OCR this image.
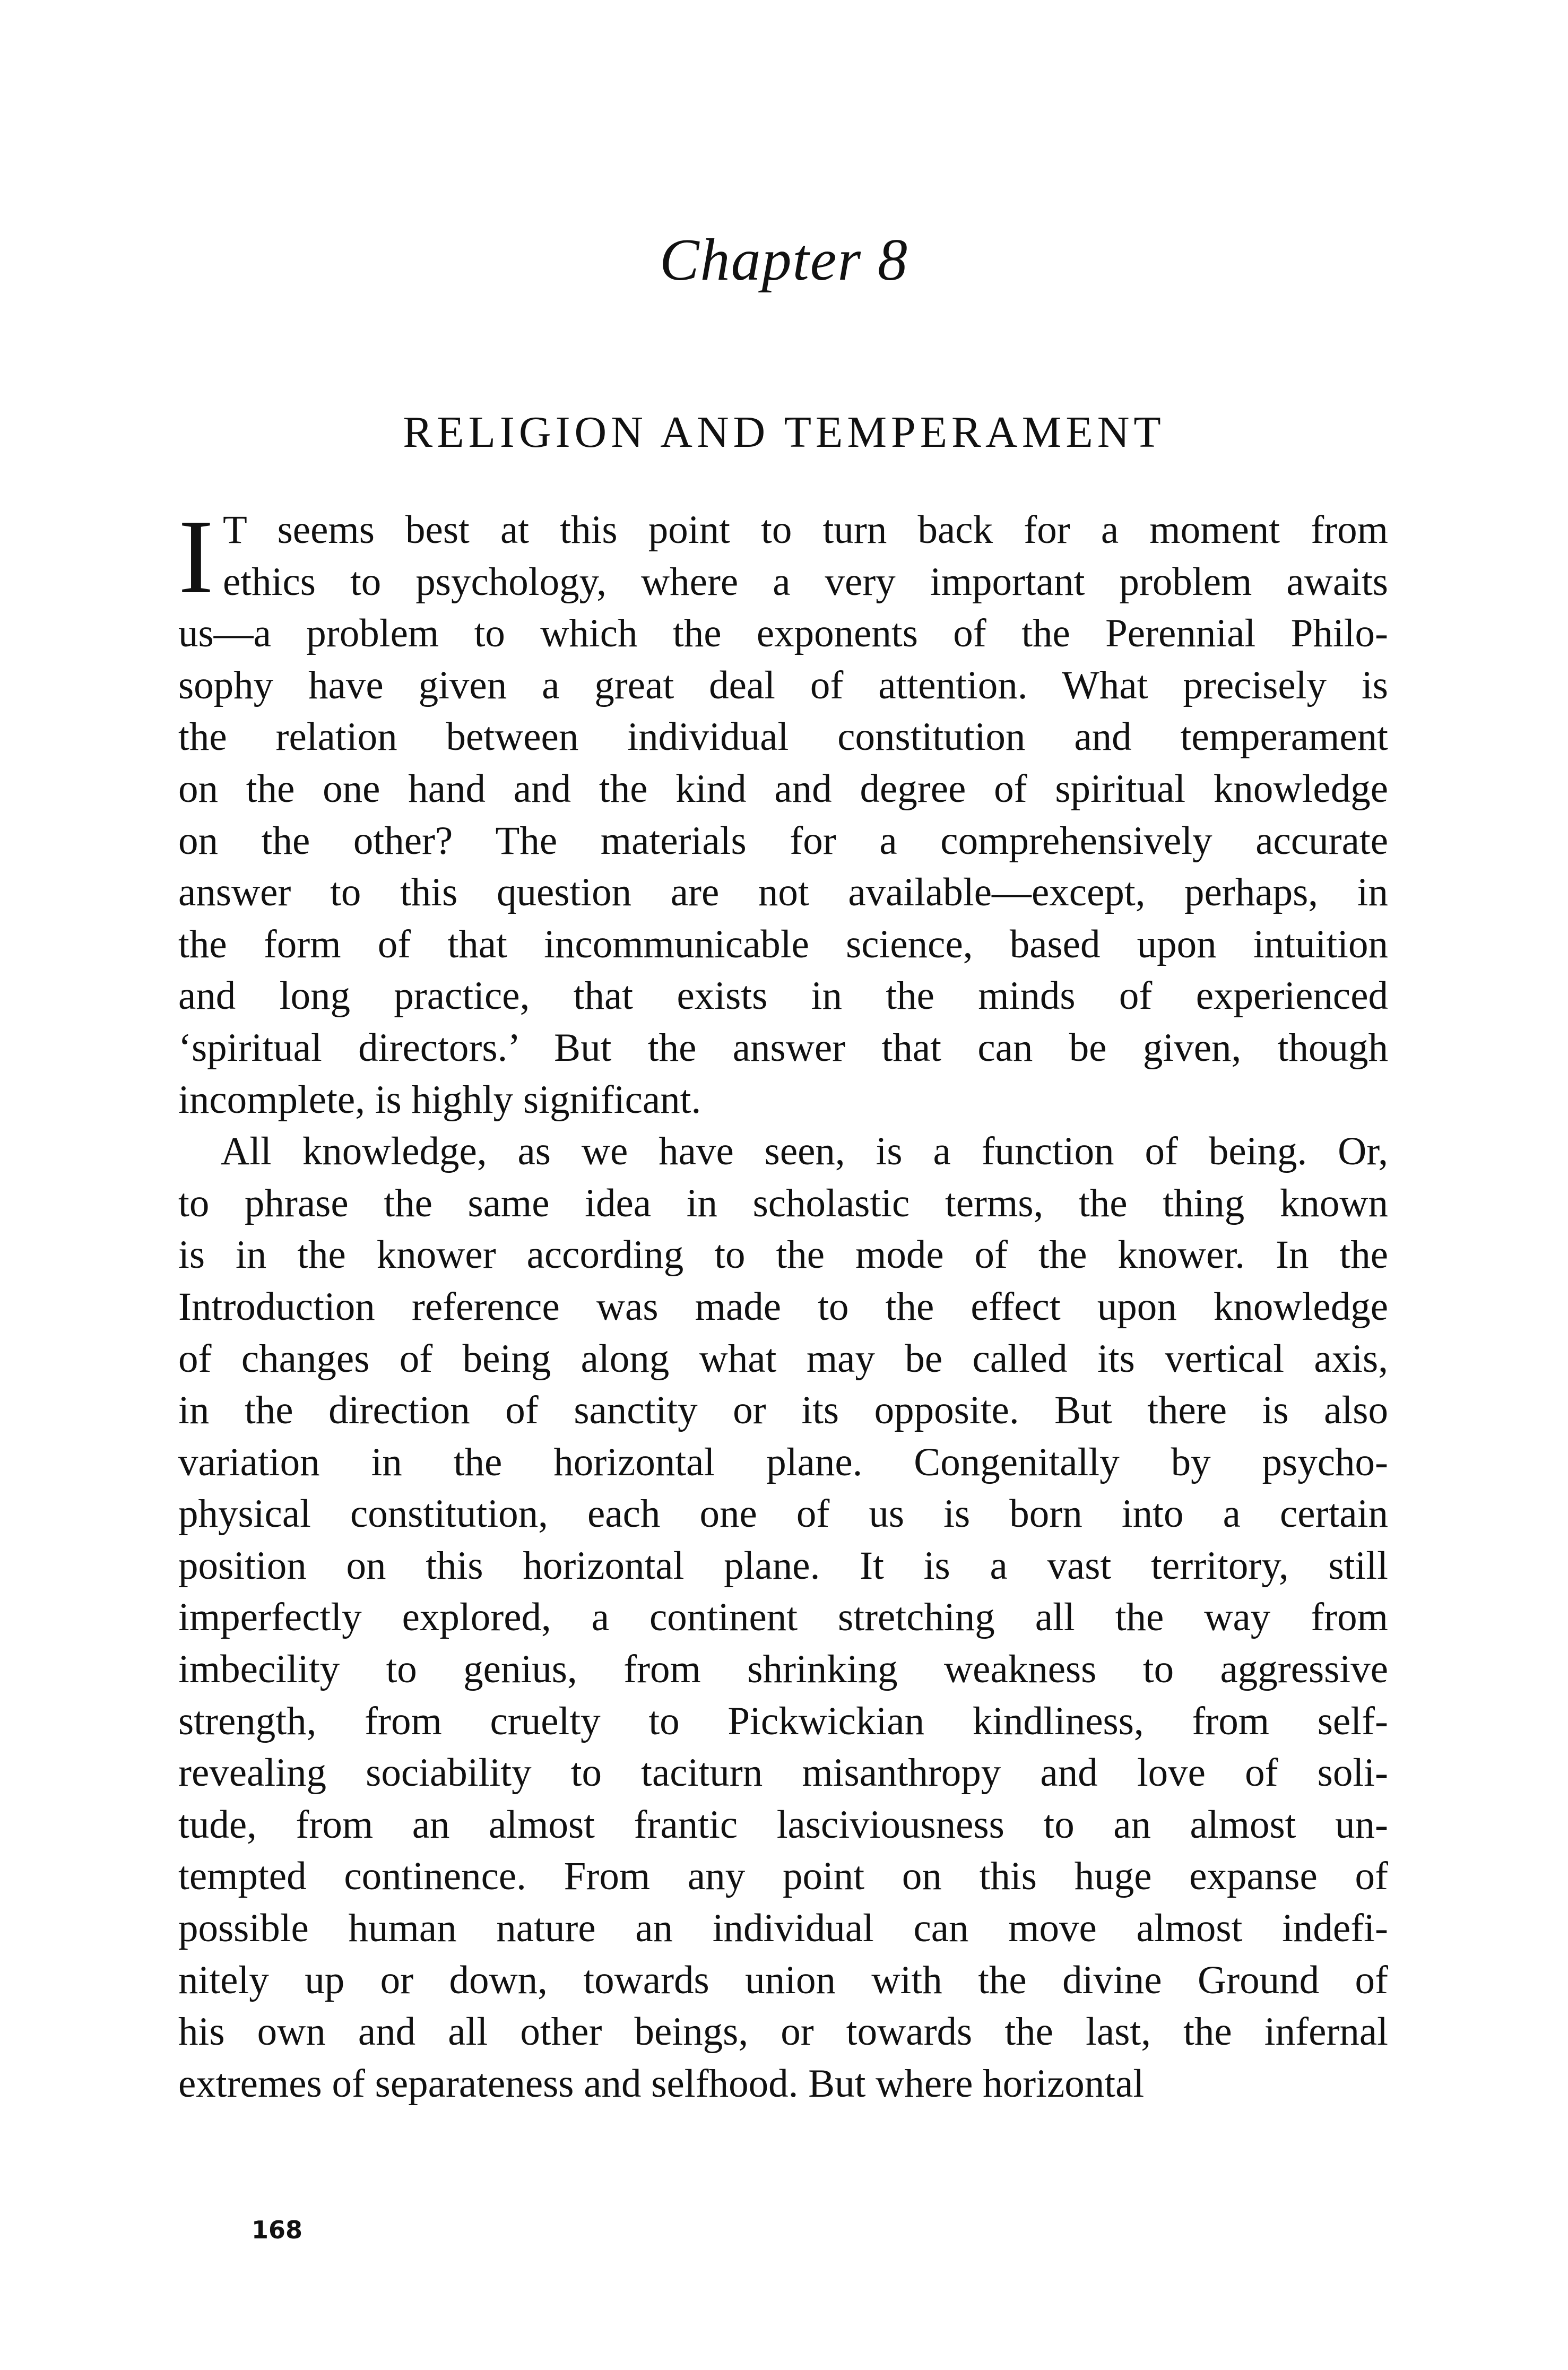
Chapter 8
RELIGION AND TEMPERAMENT
I T seems best at this point to turn back for a moment from
ethics to psychology, where a very important problem awaits
us—a problem to which the exponents of the Perennial Philo-
sophy have given a great deal of attention. What precisely is
the relation between individual constitution and temperament
on the one hand and the kind and degree of spiritual knowledge
on the other? The materials for a comprehensively accurate
answer to this question are not available—except, perhaps, in
the form of that incommunicable science, based upon intuition
and long practice, that exists in the minds of experienced
‘spiritual directors.’ But the answer that can be given, though
incomplete, is highly significant.
All knowledge, as we have seen, is a function of being. Or,
to phrase the same idea in scholastic terms, the thing known
is in the knower according to the mode of the knower. In the
Introduction reference was made to the effect upon knowledge
of changes of being along what may be called its vertical axis,
in the direction of sanctity or its opposite. But there is also
variation in the horizontal plane. Congenitally by psycho-
physical constitution, each one of us is born into a certain
position on this horizontal plane. It is a vast territory, still
imperfectly explored, a continent stretching all the way from
imbecility to genius, from shrinking weakness to aggressive
strength, from cruelty to Pickwickian kindliness, from self-
revealing sociability to taciturn misanthropy and love of soli-
tude, from an almost frantic lasciviousness to an almost un-
tempted continence. From any point on this huge expanse of
possible human nature an individual can move almost indefi-
nitely up or down, towards union with the divine Ground of
his own and all other beings, or towards the last, the infernal
extremes of separateness and selfhood. But where horizontal
168
